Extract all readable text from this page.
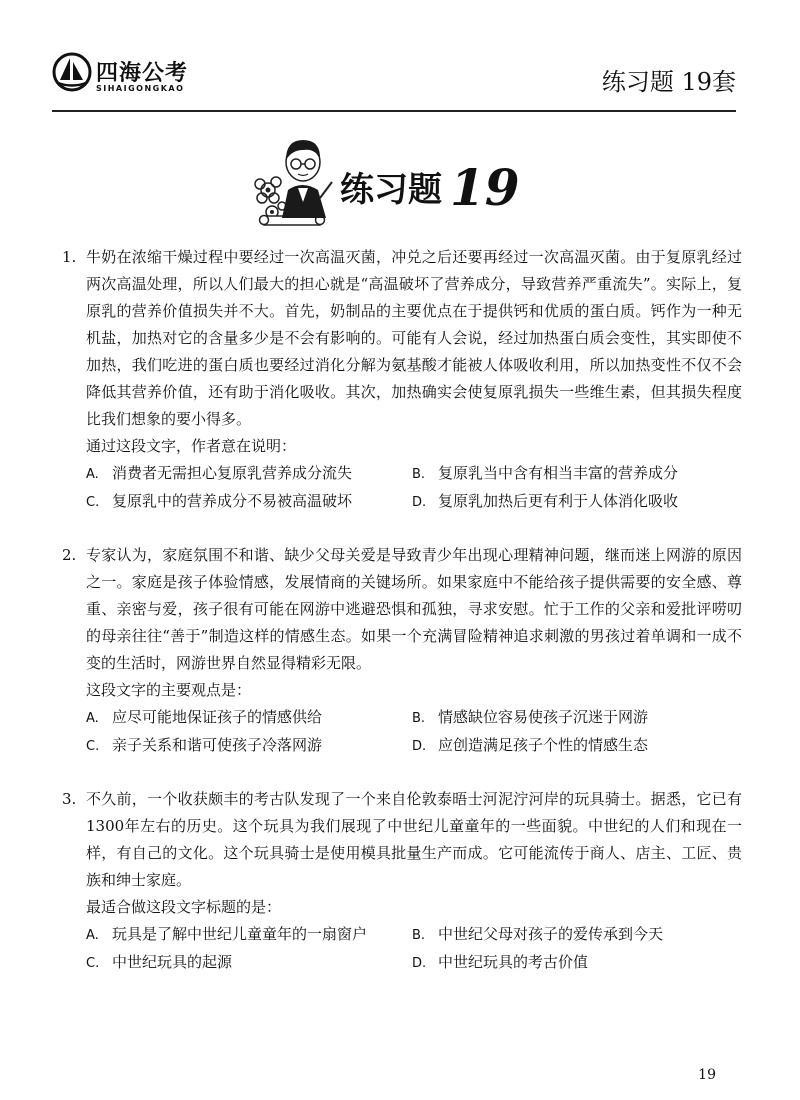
四海公考
SIHAIGONGKAO	练习题 19套
练习题 19
1. 牛奶在浓缩干燥过程中要经过一次高温灭菌，冲兑之后还要再经过一次高温灭菌。由于复原乳经过两次高温处理，所以人们最大的担心就是“高温破坏了营养成分，导致营养严重流失”。实际上，复原乳的营养价值损失并不大。首先，奶制品的主要优点在于提供钙和优质的蛋白质。钙作为一种无机盐，加热对它的含量多少是不会有影响的。可能有人会说，经过加热蛋白质会变性，其实即使不加热，我们吃进的蛋白质也要经过消化分解为氨基酸才能被人体吸收利用，所以加热变性不仅不会降低其营养价值，还有助于消化吸收。其次，加热确实会使复原乳损失一些维生素，但其损失程度比我们想象的要小得多。
通过这段文字，作者意在说明：
A. 消费者无需担心复原乳营养成分流失	B. 复原乳当中含有相当丰富的营养成分
C. 复原乳中的营养成分不易被高温破坏	D. 复原乳加热后更有利于人体消化吸收
2. 专家认为，家庭氛围不和谐、缺少父母关爱是导致青少年出现心理精神问题，继而迷上网游的原因之一。家庭是孩子体验情感，发展情商的关键场所。如果家庭中不能给孩子提供需要的安全感、尊重、亲密与爱，孩子很有可能在网游中逃避恐惧和孤独，寻求安慰。忙于工作的父亲和爱批评唠叨的母亲往往“善于”制造这样的情感生态。如果一个充满冒险精神追求刺激的男孩过着单调和一成不变的生活时，网游世界自然显得精彩无限。
这段文字的主要观点是：
A. 应尽可能地保证孩子的情感供给	B. 情感缺位容易使孩子沉迷于网游
C. 亲子关系和谐可使孩子冷落网游	D. 应创造满足孩子个性的情感生态
3. 不久前，一个收获颇丰的考古队发现了一个来自伦敦泰晤士河泥泞河岸的玩具骑士。据悉，它已有1300年左右的历史。这个玩具为我们展现了中世纪儿童童年的一些面貌。中世纪的人们和现在一样，有自己的文化。这个玩具骑士是使用模具批量生产而成。它可能流传于商人、店主、工匠、贵族和绅士家庭。
最适合做这段文字标题的是：
A. 玩具是了解中世纪儿童童年的一扇窗户	B. 中世纪父母对孩子的爱传承到今天
C. 中世纪玩具的起源	D. 中世纪玩具的考古价值
19
